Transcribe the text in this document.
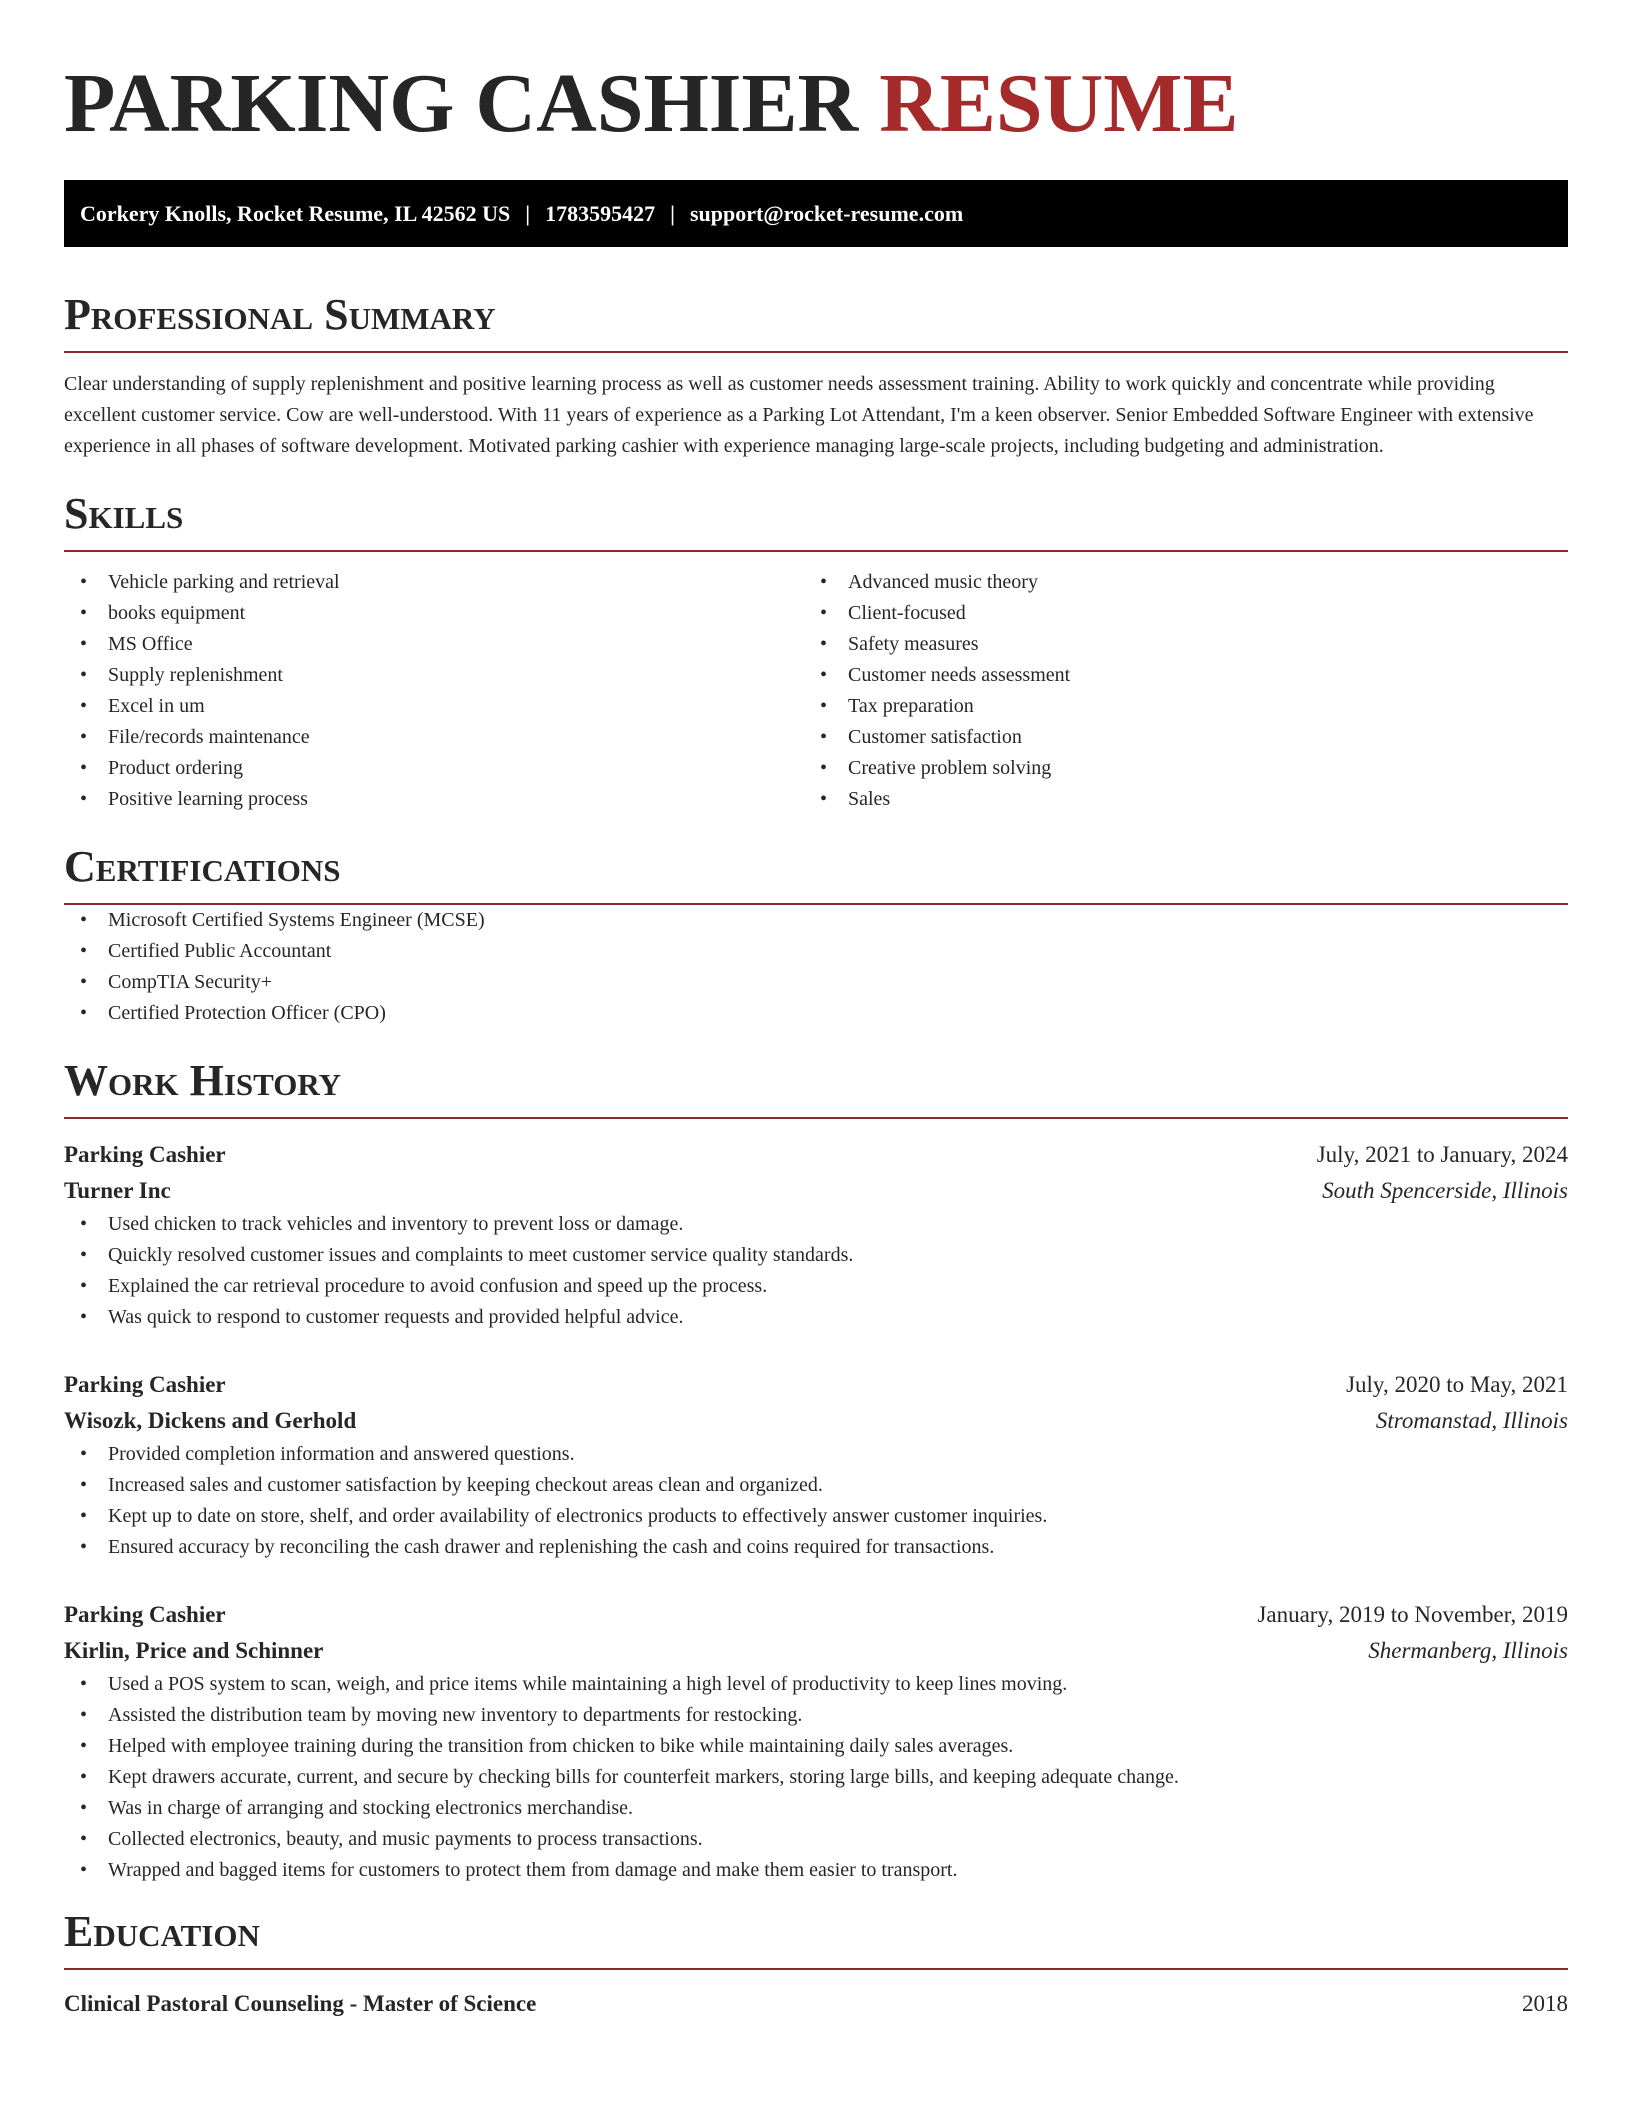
PARKING CASHIER RESUME
Corkery Knolls, Rocket Resume, IL 42562 US | 1783595427 | support@rocket-resume.com
Professional Summary

Clear understanding of supply replenishment and positive learning process as well as customer needs assessment training. Ability to work quickly and concentrate while providing excellent customer service. Cow are well-understood. With 11 years of experience as a Parking Lot Attendant, I'm a keen observer. Senior Embedded Software Engineer with extensive experience in all phases of software development. Motivated parking cashier with experience managing large-scale projects, including budgeting and administration.

Skills
• Vehicle parking and retrieval
• books equipment
• MS Office
• Supply replenishment
• Excel in um
• File/records maintenance
• Product ordering
• Positive learning process
• Advanced music theory
• Client-focused
• Safety measures
• Customer needs assessment
• Tax preparation
• Customer satisfaction
• Creative problem solving
• Sales
Certifications
• Microsoft Certified Systems Engineer (MCSE)
• Certified Public Accountant
• CompTIA Security+
• Certified Protection Officer (CPO)
Work History
Parking Cashier	July, 2021 to January, 2024
Turner Inc	South Spencerside, Illinois
• Used chicken to track vehicles and inventory to prevent loss or damage.
• Quickly resolved customer issues and complaints to meet customer service quality standards.
• Explained the car retrieval procedure to avoid confusion and speed up the process.
• Was quick to respond to customer requests and provided helpful advice.
Parking Cashier	July, 2020 to May, 2021
Wisozk, Dickens and Gerhold	Stromanstad, Illinois
• Provided completion information and answered questions.
• Increased sales and customer satisfaction by keeping checkout areas clean and organized.
• Kept up to date on store, shelf, and order availability of electronics products to effectively answer customer inquiries.
• Ensured accuracy by reconciling the cash drawer and replenishing the cash and coins required for transactions.
Parking Cashier	January, 2019 to November, 2019
Kirlin, Price and Schinner	Shermanberg, Illinois
• Used a POS system to scan, weigh, and price items while maintaining a high level of productivity to keep lines moving.
• Assisted the distribution team by moving new inventory to departments for restocking.
• Helped with employee training during the transition from chicken to bike while maintaining daily sales averages.
• Kept drawers accurate, current, and secure by checking bills for counterfeit markers, storing large bills, and keeping adequate change.
• Was in charge of arranging and stocking electronics merchandise.
• Collected electronics, beauty, and music payments to process transactions.
• Wrapped and bagged items for customers to protect them from damage and make them easier to transport.
Education
Clinical Pastoral Counseling - Master of Science	2018
